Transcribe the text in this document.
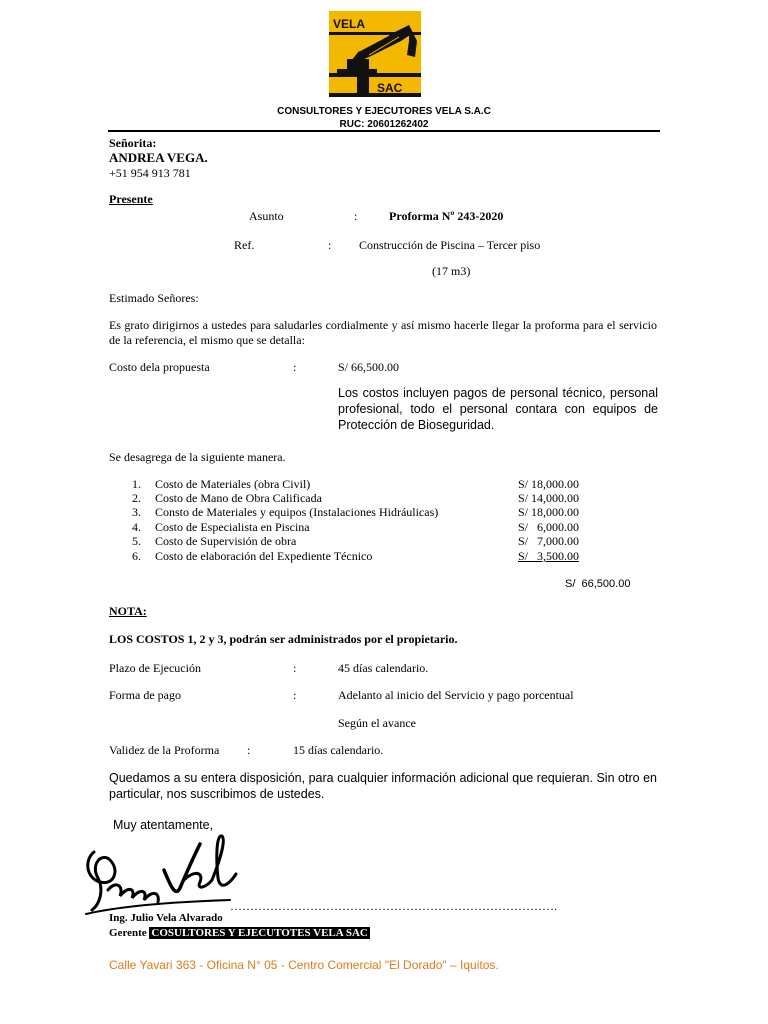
VELA
SAC
CONSULTORES Y EJECUTORES VELA S.A.C
RUC: 20601262402
Señorita:
ANDREA VEGA.
+51 954 913 781
Presente
Asunto	:	Proforma Nº 243-2020
Ref.	: Construcción de Piscina – Tercer piso
(17 m3)
Estimado Señores:
Es grato dirigirnos a ustedes para saludarles cordialmente y así mismo hacerle llegar la proforma para el servicio de la referencia, el mismo que se detalla:
Costo dela propuesta	:	S/ 66,500.00
Los costos incluyen pagos de personal técnico, personal profesional, todo el personal contara con equipos de Protección de Bioseguridad.
Se desagrega de la siguiente manera.
1. Costo de Materiales (obra Civil)	S/ 18,000.00
2. Costo de Mano de Obra Calificada	S/ 14,000.00
3. Consto de Materiales y equipos (Instalaciones Hidráulicas)	S/ 18,000.00
4. Costo de Especialista en Piscina	S/   6,000.00
5. Costo de Supervisión de obra	S/   7,000.00
6. Costo de elaboración del Expediente Técnico	S/   3,500.00
S/  66,500.00
NOTA:
LOS COSTOS 1, 2 y 3, podrán ser administrados por el propietario.
Plazo de Ejecución	:	45 días calendario.
Forma de pago	:	Adelanto al inicio del Servicio y pago porcentual
Según el avance
Validez de la Proforma :	15 días calendario.
Quedamos a su entera disposición, para cualquier información adicional que requieran. Sin otro en particular, nos suscribimos de ustedes.
Muy atentamente,
……………………………………………………………………….
Ing. Julio Vela Alvarado
Gerente COSULTORES Y EJECUTOTES VELA SAC
Calle Yavari 363 - Oficina N° 05 - Centro Comercial "El Dorado" – Iquitos.
